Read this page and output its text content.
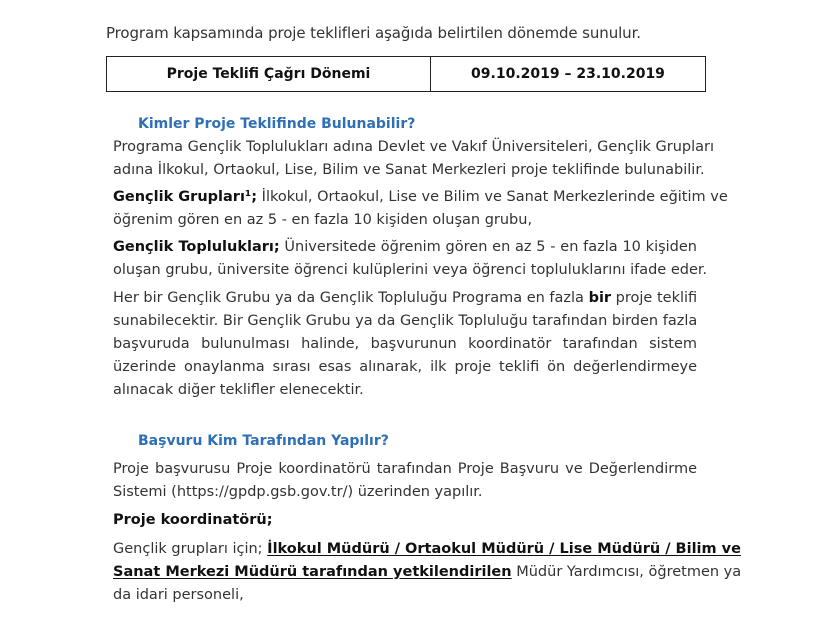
Program kapsamında proje teklifleri aşağıda belirtilen dönemde sunulur.
Proje Teklifi Çağrı Dönemi	09.10.2019 – 23.10.2019
Kimler Proje Teklifinde Bulunabilir?
Programa Gençlik Toplulukları adına Devlet ve Vakıf Üniversiteleri, Gençlik Grupları
adına İlkokul, Ortaokul, Lise, Bilim ve Sanat Merkezleri proje teklifinde bulunabilir.
Gençlik Grupları¹; İlkokul, Ortaokul, Lise ve Bilim ve Sanat Merkezlerinde eğitim ve
öğrenim gören en az 5 - en fazla 10 kişiden oluşan grubu,
Gençlik Toplulukları; Üniversitede öğrenim gören en az 5 - en fazla 10 kişiden
oluşan grubu, üniversite öğrenci kulüplerini veya öğrenci topluluklarını ifade eder.
Her bir Gençlik Grubu ya da Gençlik Topluluğu Programa en fazla bir proje teklifi
sunabilecektir. Bir Gençlik Grubu ya da Gençlik Topluluğu tarafından birden fazla
başvuruda bulunulması halinde, başvurunun koordinatör tarafından sistem
üzerinde onaylanma sırası esas alınarak, ilk proje teklifi ön değerlendirmeye
alınacak diğer teklifler elenecektir.
Başvuru Kim Tarafından Yapılır?
Proje başvurusu Proje koordinatörü tarafından Proje Başvuru ve Değerlendirme
Sistemi (https://gpdp.gsb.gov.tr/) üzerinden yapılır.
Proje koordinatörü;
Gençlik grupları için; İlkokul Müdürü / Ortaokul Müdürü / Lise Müdürü / Bilim ve
Sanat Merkezi Müdürü tarafından yetkilendirilen Müdür Yardımcısı, öğretmen ya
da idari personeli,
